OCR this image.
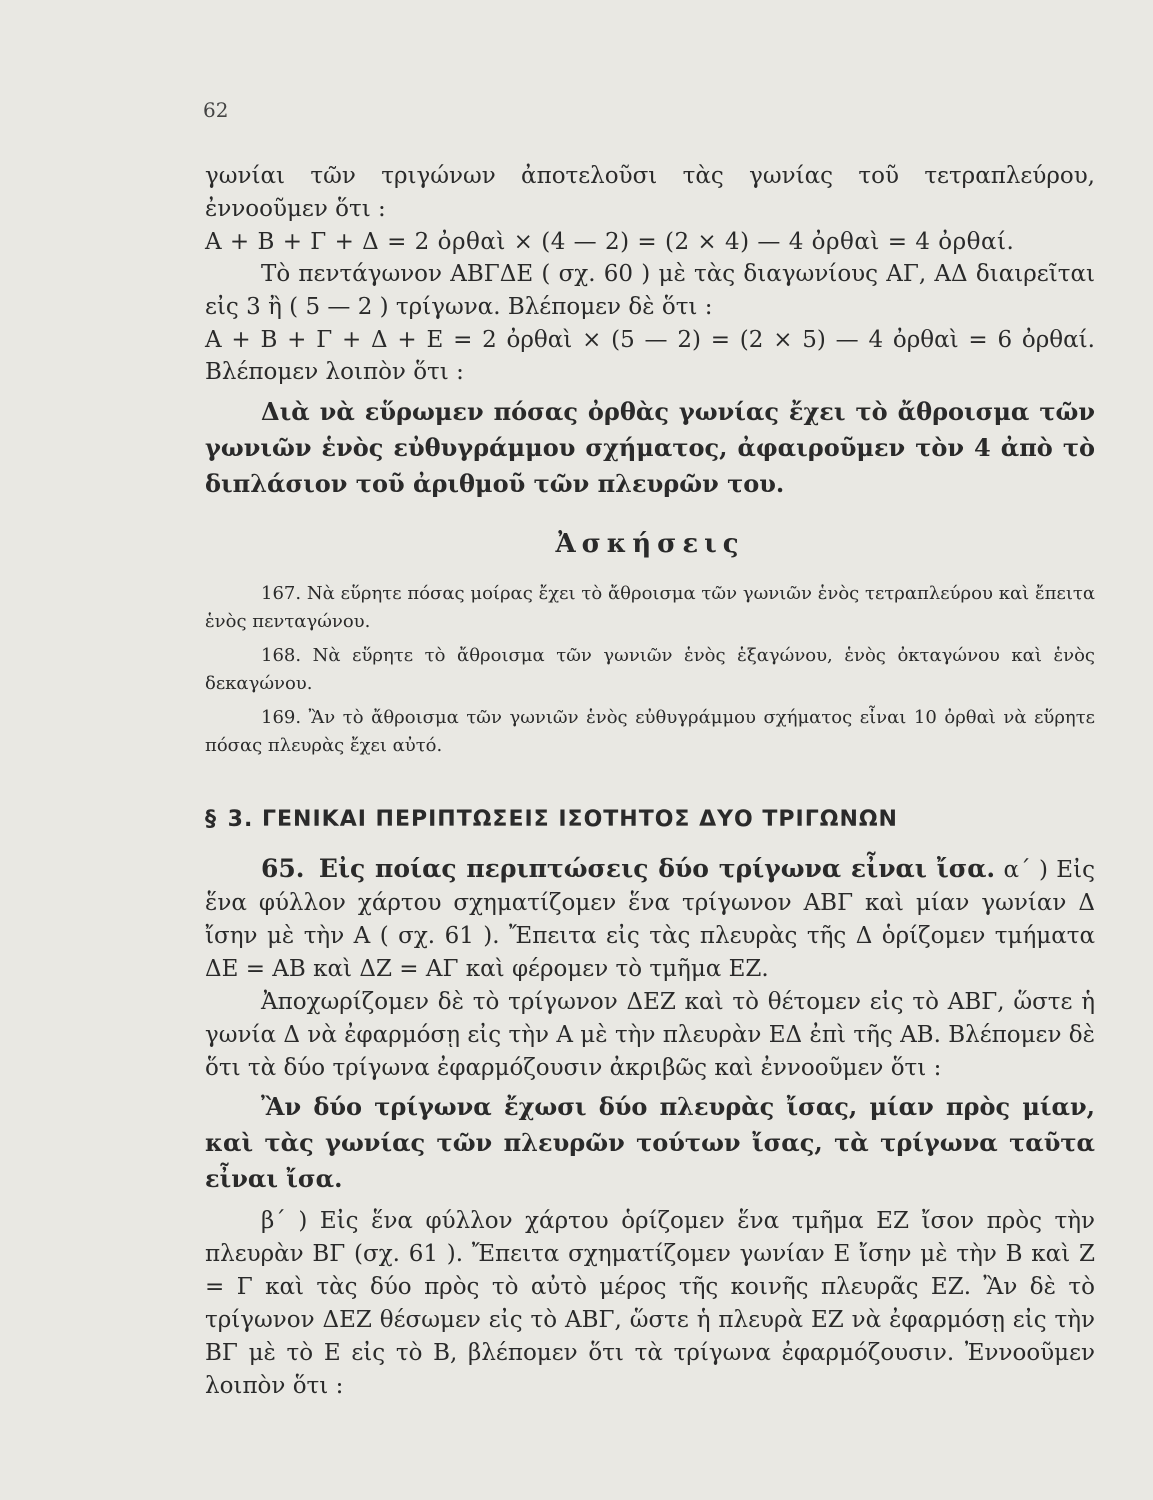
62

γωνίαι τῶν τριγώνων ἀποτελοῦσι τὰς γωνίας τοῦ τετραπλεύρου, ἐννοοῦμεν ὅτι :

Α + Β + Γ + Δ = 2 ὀρθαὶ × (4 — 2) = (2 × 4) — 4 ὀρθαὶ = 4 ὀρθαί.

Τὸ πεντάγωνον ΑΒΓΔΕ ( σχ. 60 ) μὲ τὰς διαγωνίους ΑΓ, ΑΔ διαιρεῖται εἰς 3 ἢ ( 5 — 2 ) τρίγωνα. Βλέπομεν δὲ ὅτι :

Α + Β + Γ + Δ + Ε = 2 ὀρθαὶ × (5 — 2) = (2 × 5) — 4 ὀρθαὶ = 6 ὀρθαί. Βλέπομεν λοιπὸν ὅτι :

Διὰ νὰ εὕρωμεν πόσας ὀρθὰς γωνίας ἔχει τὸ ἄθροισμα τῶν γωνιῶν ἑνὸς εὐθυγράμμου σχήματος, ἀφαιροῦμεν τὸν 4 ἀπὸ τὸ διπλάσιον τοῦ ἀριθμοῦ τῶν πλευρῶν του.

Ἀσκήσεις

167. Νὰ εὕρητε πόσας μοίρας ἔχει τὸ ἄθροισμα τῶν γωνιῶν ἑνὸς τετραπλεύρου καὶ ἔπειτα ἑνὸς πενταγώνου.

168. Νὰ εὕρητε τὸ ἄθροισμα τῶν γωνιῶν ἑνὸς ἑξαγώνου, ἑνὸς ὀκταγώνου καὶ ἑνὸς δεκαγώνου.

169. Ἂν τὸ ἄθροισμα τῶν γωνιῶν ἑνὸς εὐθυγράμμου σχήματος εἶναι 10 ὀρθαὶ νὰ εὕρητε πόσας πλευρὰς ἔχει αὐτό.

§ 3. ΓΕΝΙΚΑΙ ΠΕΡΙΠΤΩΣΕΙΣ ΙΣΟΤΗΤΟΣ ΔΥΟ ΤΡΙΓΩΝΩΝ

65. Εἰς ποίας περιπτώσεις δύο τρίγωνα εἶναι ἴσα. α΄ ) Εἰς ἕνα φύλλον χάρτου σχηματίζομεν ἕνα τρίγωνον ΑΒΓ καὶ μίαν γωνίαν Δ ἴσην μὲ τὴν Α ( σχ. 61 ). Ἔπειτα εἰς τὰς πλευρὰς τῆς Δ ὁρίζομεν τμήματα ΔΕ = ΑΒ καὶ ΔΖ = ΑΓ καὶ φέρομεν τὸ τμῆμα ΕΖ.

Ἀποχωρίζομεν δὲ τὸ τρίγωνον ΔΕΖ καὶ τὸ θέτομεν εἰς τὸ ΑΒΓ, ὥστε ἡ γωνία Δ νὰ ἐφαρμόσῃ εἰς τὴν Α μὲ τὴν πλευρὰν ΕΔ ἐπὶ τῆς ΑΒ. Βλέπομεν δὲ ὅτι τὰ δύο τρίγωνα ἐφαρμόζουσιν ἀκριβῶς καὶ ἐννοοῦμεν ὅτι :

Ἂν δύο τρίγωνα ἔχωσι δύο πλευρὰς ἴσας, μίαν πρὸς μίαν, καὶ τὰς γωνίας τῶν πλευρῶν τούτων ἴσας, τὰ τρίγωνα ταῦτα εἶναι ἴσα.

β΄ ) Εἰς ἕνα φύλλον χάρτου ὁρίζομεν ἕνα τμῆμα ΕΖ ἴσον πρὸς τὴν πλευρὰν ΒΓ (σχ. 61 ). Ἔπειτα σχηματίζομεν γωνίαν Ε ἴσην μὲ τὴν Β καὶ Ζ = Γ καὶ τὰς δύο πρὸς τὸ αὐτὸ μέρος τῆς κοινῆς πλευρᾶς ΕΖ. Ἂν δὲ τὸ τρίγωνον ΔΕΖ θέσωμεν εἰς τὸ ΑΒΓ, ὥστε ἡ πλευρὰ ΕΖ νὰ ἐφαρμόσῃ εἰς τὴν ΒΓ μὲ τὸ Ε εἰς τὸ Β, βλέπομεν ὅτι τὰ τρίγωνα ἐφαρμόζουσιν. Ἐννοοῦμεν λοιπὸν ὅτι :
